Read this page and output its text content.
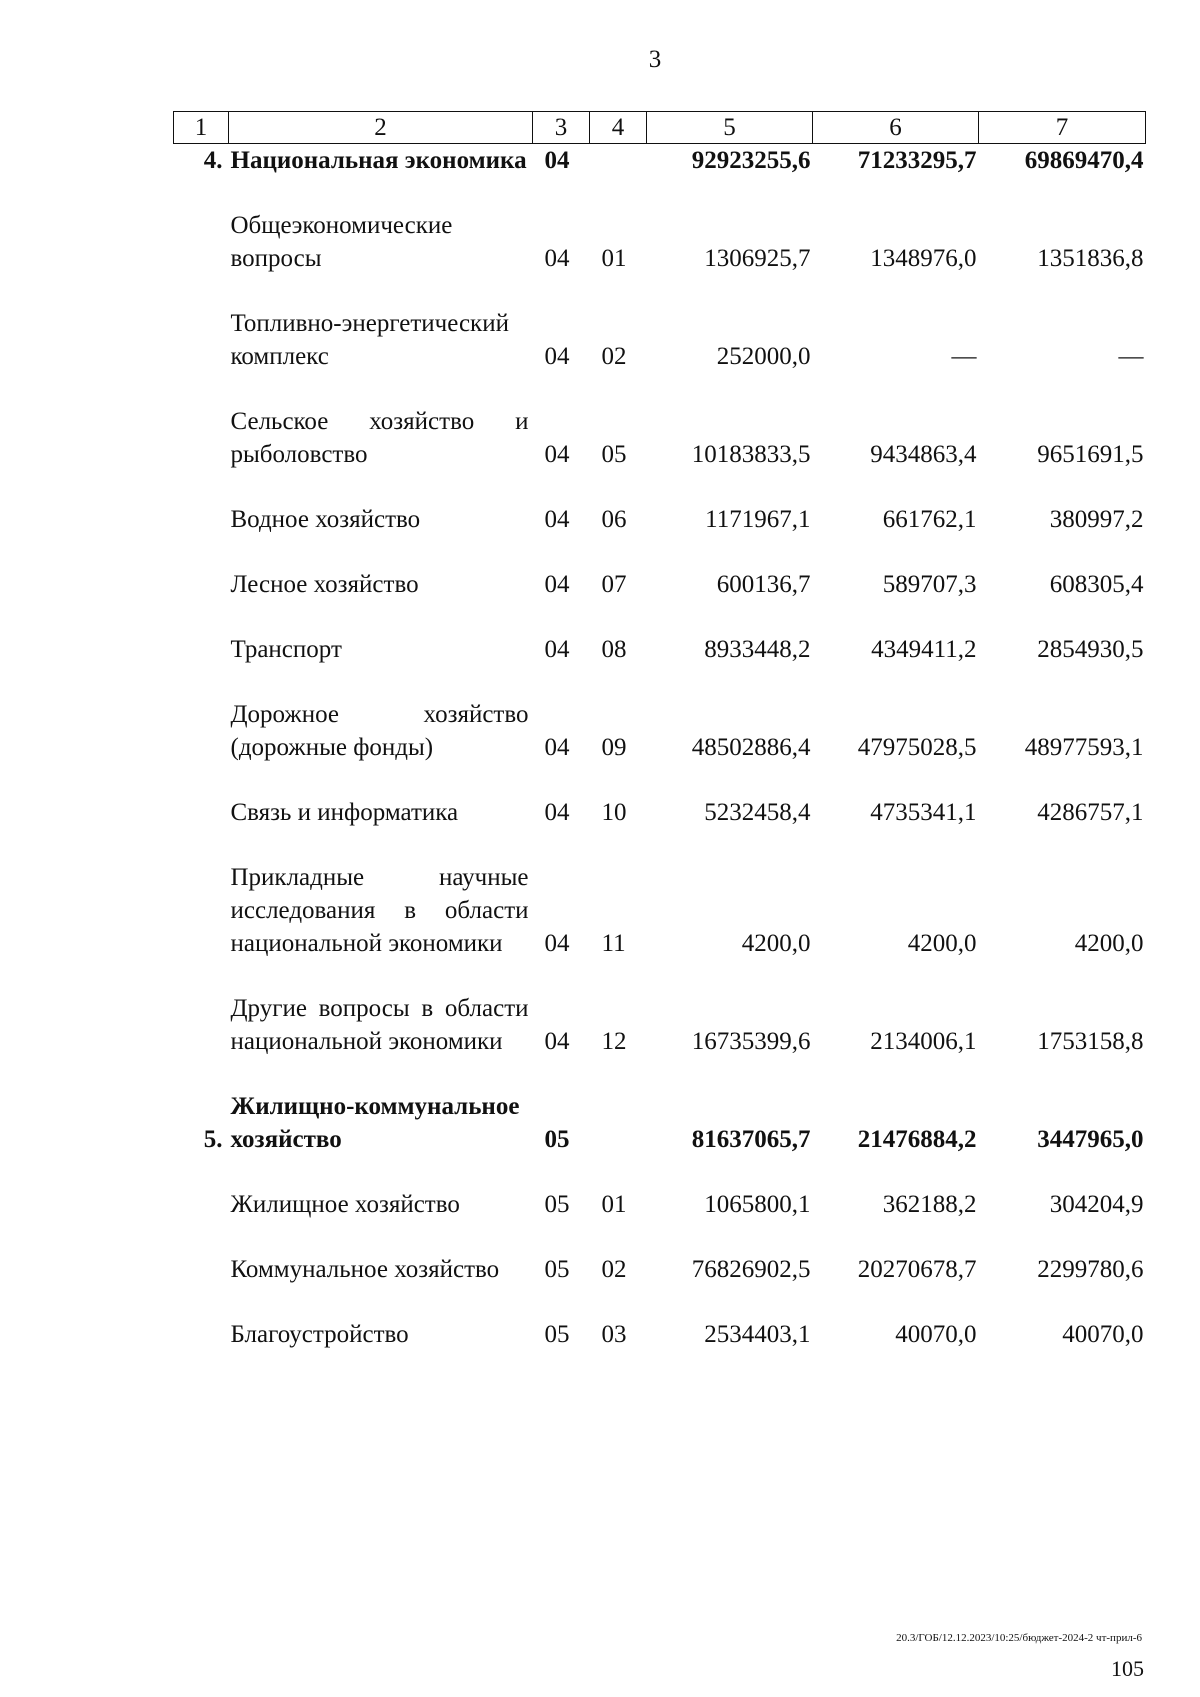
3
1	2	3	4	5	6	7
4.	Национальная экономика	04		92923255,6	71233295,7	69869470,4

	Общеэкономические вопросы	04	01	1306925,7	1348976,0	1351836,8

	Топливно-энергетический комплекс	04	02	252000,0	—	—

	Сельское хозяйство и рыболовство	04	05	10183833,5	9434863,4	9651691,5

	Водное хозяйство	04	06	1171967,1	661762,1	380997,2

	Лесное хозяйство	04	07	600136,7	589707,3	608305,4

	Транспорт	04	08	8933448,2	4349411,2	2854930,5

	Дорожное хозяйство (дорожные фонды)	04	09	48502886,4	47975028,5	48977593,1

	Связь и информатика	04	10	5232458,4	4735341,1	4286757,1

	Прикладные научные исследования в области национальной экономики	04	11	4200,0	4200,0	4200,0

	Другие вопросы в области национальной экономики	04	12	16735399,6	2134006,1	1753158,8

5.	Жилищно-коммунальное хозяйство	05		81637065,7	21476884,2	3447965,0

	Жилищное хозяйство	05	01	1065800,1	362188,2	304204,9

	Коммунальное хозяйство	05	02	76826902,5	20270678,7	2299780,6

	Благоустройство	05	03	2534403,1	40070,0	40070,0
20.3/ГОБ/12.12.2023/10:25/бюджет-2024-2 чт-прил-6
105
